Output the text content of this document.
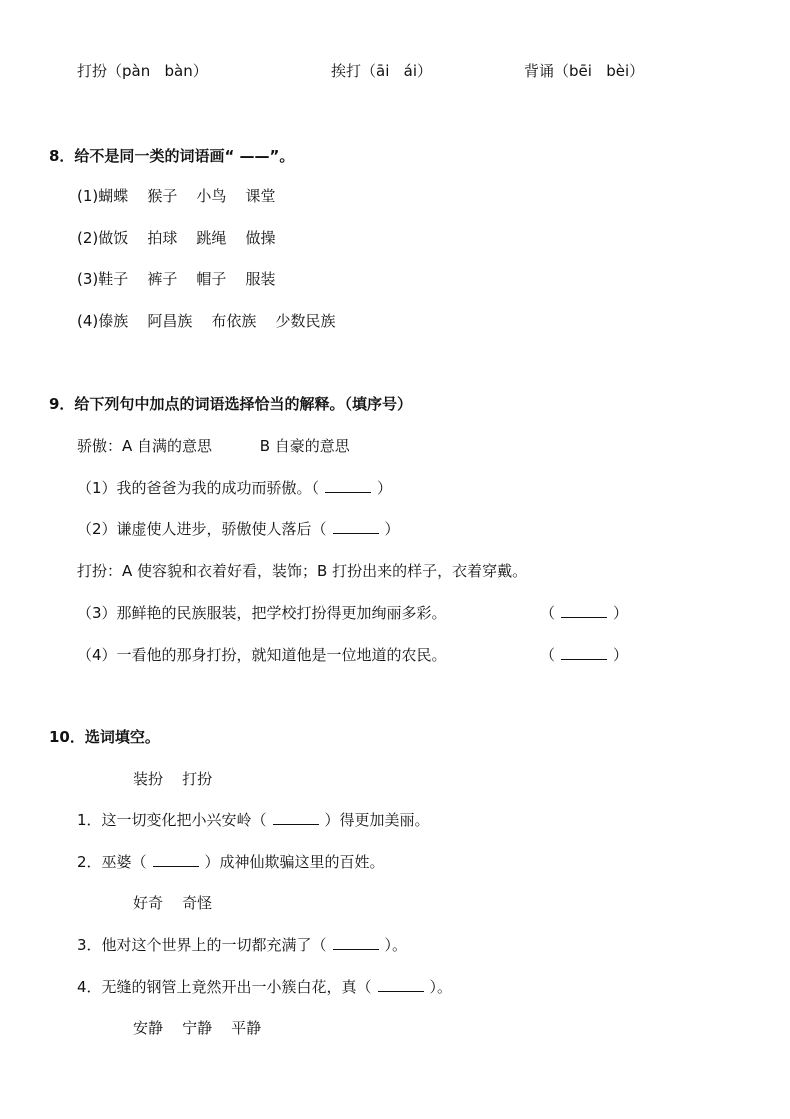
打扮（pàn   bàn）	挨打（āi   ái）	背诵（bēi   bèi）
8．给不是同一类的词语画“ ——”。
(1)蝴蝶    猴子    小鸟    课堂
(2)做饭    拍球    跳绳    做操
(3)鞋子    裤子    帽子    服装
(4)傣族    阿昌族    布依族    少数民族
9．给下列句中加点的词语选择恰当的解释。（填序号）
骄傲：A 自满的意思          B 自豪的意思
（1）我的爸爸为我的成功而骄傲。（	）
（2）谦虚使人进步，骄傲使人落后（	）
打扮：A 使容貌和衣着好看，装饰；B 打扮出来的样子，衣着穿戴。
（3）那鲜艳的民族服装，把学校打扮得更加绚丽多彩。	（	）
（4）一看他的那身打扮，就知道他是一位地道的农民。	（	）
10．选词填空。
装扮    打扮
1．这一切变化把小兴安岭（	）得更加美丽。
2．巫婆（	）成神仙欺骗这里的百姓。
好奇    奇怪
3．他对这个世界上的一切都充满了（	）。
4．无缝的钢管上竟然开出一小簇白花，真（	）。
安静    宁静    平静
